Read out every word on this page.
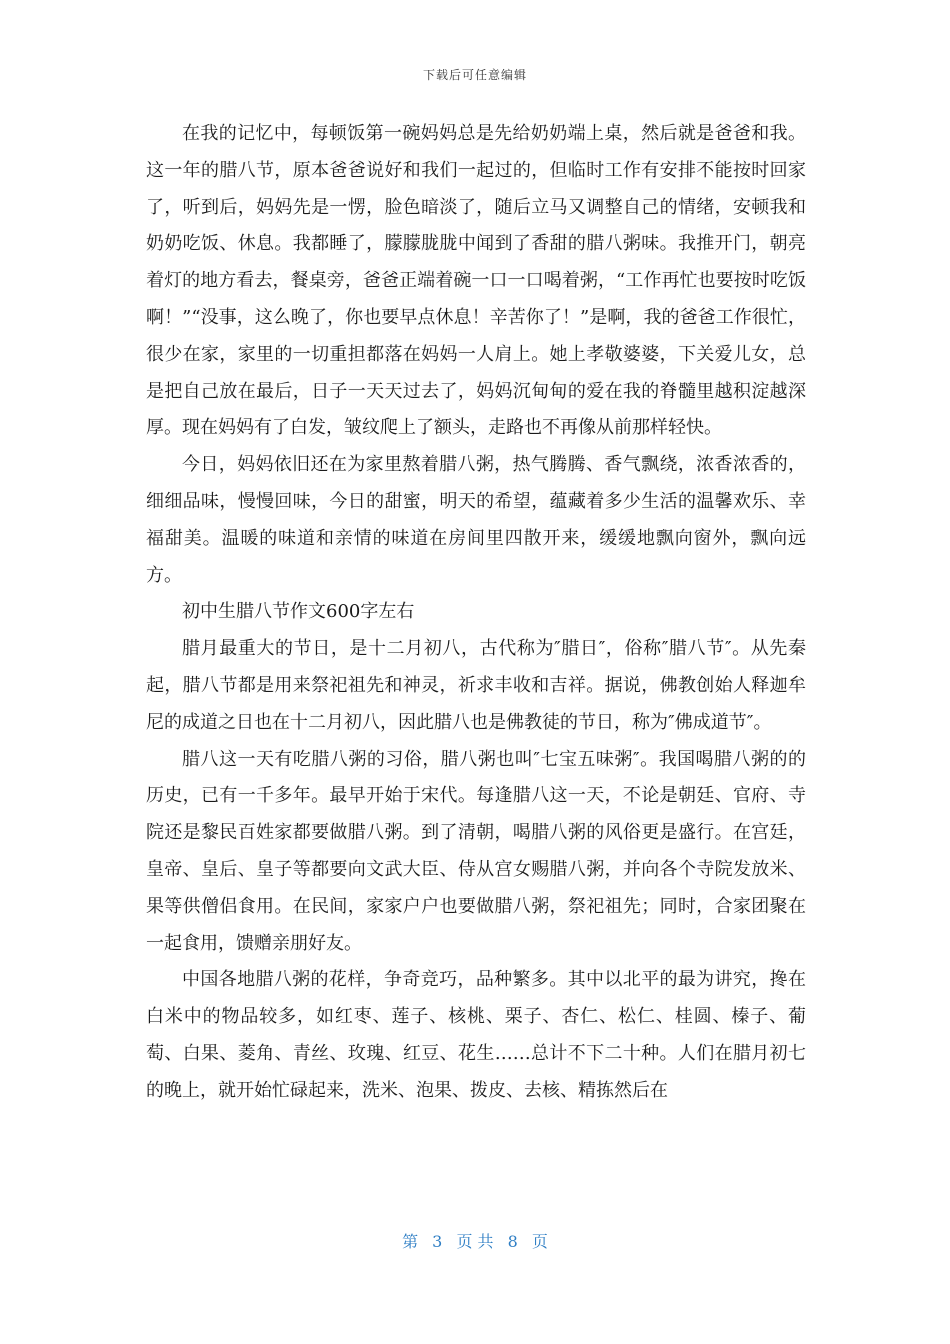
下载后可任意编辑

在我的记忆中，每顿饭第一碗妈妈总是先给奶奶端上桌，然后就是爸爸和我。这一年的腊八节，原本爸爸说好和我们一起过的，但临时工作有安排不能按时回家了，听到后，妈妈先是一愣，脸色暗淡了，随后立马又调整自己的情绪，安顿我和奶奶吃饭、休息。我都睡了，朦朦胧胧中闻到了香甜的腊八粥味。我推开门，朝亮着灯的地方看去，餐桌旁，爸爸正端着碗一口一口喝着粥，“工作再忙也要按时吃饭啊！”“没事，这么晚了，你也要早点休息！辛苦你了！”是啊，我的爸爸工作很忙，很少在家，家里的一切重担都落在妈妈一人肩上。她上孝敬婆婆，下关爱儿女，总是把自己放在最后，日子一天天过去了，妈妈沉甸甸的爱在我的脊髓里越积淀越深厚。现在妈妈有了白发，皱纹爬上了额头，走路也不再像从前那样轻快。

今日，妈妈依旧还在为家里熬着腊八粥，热气腾腾、香气飘绕，浓香浓香的，细细品味，慢慢回味，今日的甜蜜，明天的希望，蕴藏着多少生活的温馨欢乐、幸福甜美。温暖的味道和亲情的味道在房间里四散开来，缓缓地飘向窗外，飘向远方。

初中生腊八节作文600字左右

腊月最重大的节日，是十二月初八，古代称为″腊日″，俗称″腊八节″。从先秦起，腊八节都是用来祭祀祖先和神灵，祈求丰收和吉祥。据说，佛教创始人释迦牟尼的成道之日也在十二月初八，因此腊八也是佛教徒的节日，称为″佛成道节″。

腊八这一天有吃腊八粥的习俗，腊八粥也叫″七宝五味粥″。我国喝腊八粥的的历史，已有一千多年。最早开始于宋代。每逢腊八这一天，不论是朝廷、官府、寺院还是黎民百姓家都要做腊八粥。到了清朝，喝腊八粥的风俗更是盛行。在宫廷，皇帝、皇后、皇子等都要向文武大臣、侍从宫女赐腊八粥，并向各个寺院发放米、果等供僧侣食用。在民间，家家户户也要做腊八粥，祭祀祖先；同时，合家团聚在一起食用，馈赠亲朋好友。

中国各地腊八粥的花样，争奇竞巧，品种繁多。其中以北平的最为讲究，搀在白米中的物品较多，如红枣、莲子、核桃、栗子、杏仁、松仁、桂圆、榛子、葡萄、白果、菱角、青丝、玫瑰、红豆、花生……总计不下二十种。人们在腊月初七的晚上，就开始忙碌起来，洗米、泡果、拨皮、去核、精拣然后在

第 3 页 共 8 页
